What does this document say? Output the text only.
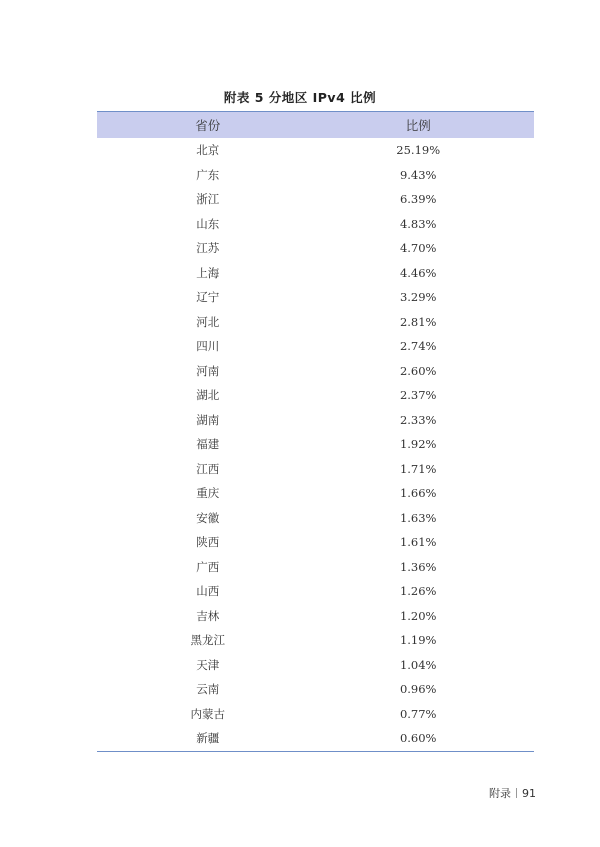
附表 5 分地区 IPv4 比例
省份	比例
北京	25.19%
广东	9.43%
浙江	6.39%
山东	4.83%
江苏	4.70%
上海	4.46%
辽宁	3.29%
河北	2.81%
四川	2.74%
河南	2.60%
湖北	2.37%
湖南	2.33%
福建	1.92%
江西	1.71%
重庆	1.66%
安徽	1.63%
陕西	1.61%
广西	1.36%
山西	1.26%
吉林	1.20%
黑龙江	1.19%
天津	1.04%
云南	0.96%
内蒙古	0.77%
新疆	0.60%
附录 91
